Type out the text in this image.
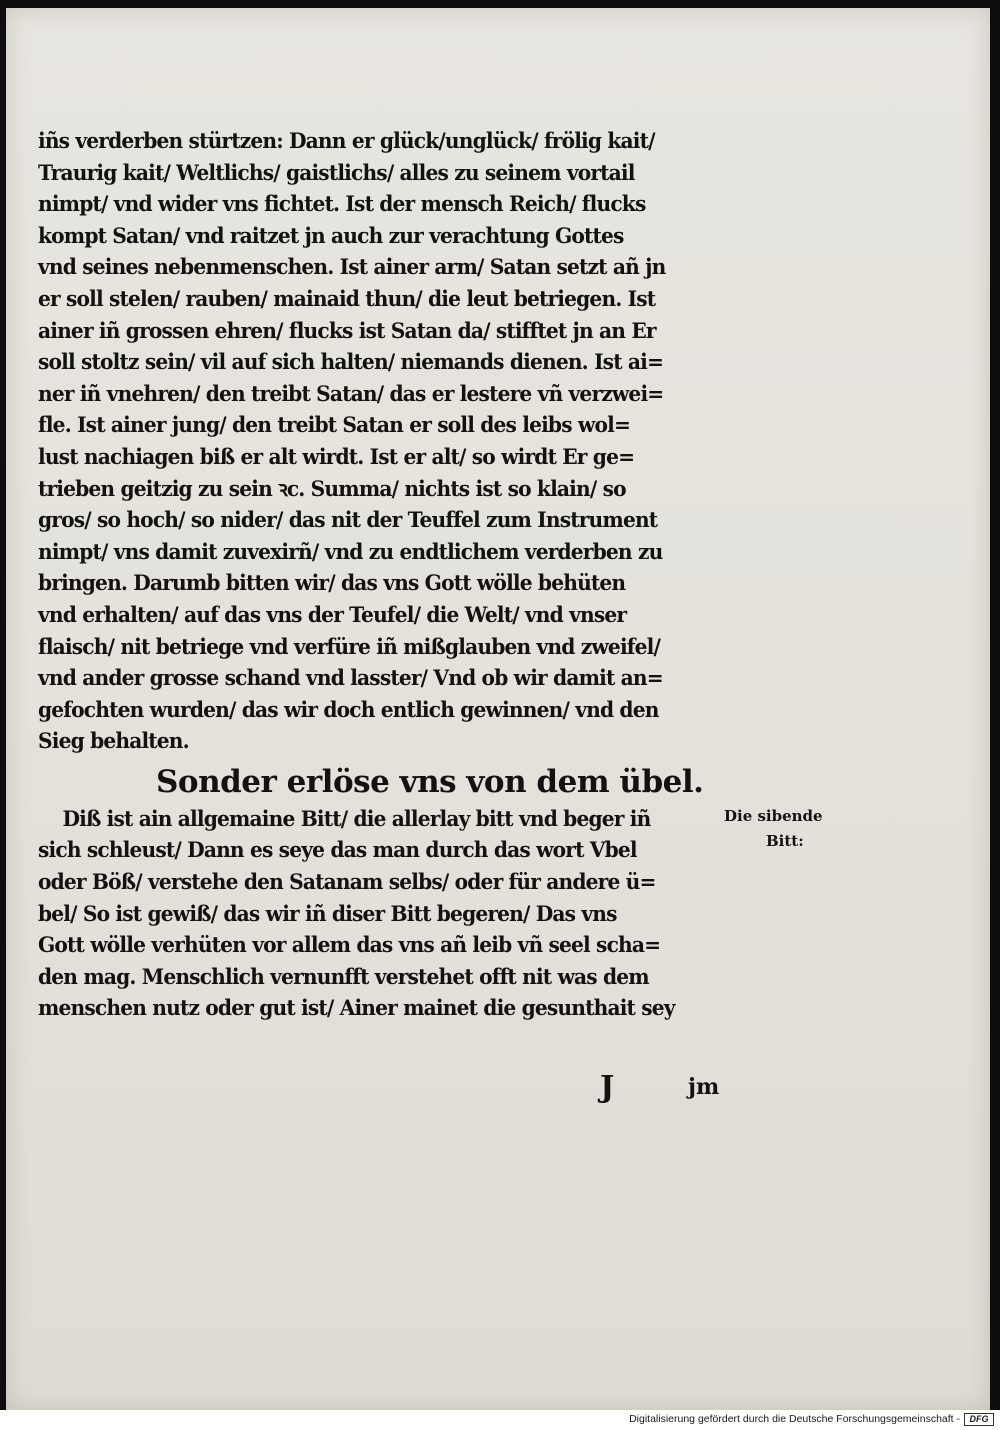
iñs verderben stürtzen: Dann er glück/unglück/ frölig kait/
Traurig kait/ Weltlichs/ gaistlichs/ alles zu seinem vortail
nimpt/ vnd wider vns fichtet. Ist der mensch Reich/ flucks
kompt Satan/ vnd raitzet jn auch zur verachtung Gottes
vnd seines nebenmenschen. Ist ainer arm/ Satan setzt añ jn
er soll stelen/ rauben/ mainaid thun/ die leut betriegen. Ist
ainer iñ grossen ehren/ flucks ist Satan da/ stifftet jn an Er
soll stoltz sein/ vil auf sich halten/ niemands dienen. Ist ai=
ner iñ vnehren/ den treibt Satan/ das er lestere vñ verzwei=
fle. Ist ainer jung/ den treibt Satan er soll des leibs wol=
lust nachiagen biß er alt wirdt. Ist er alt/ so wirdt Er ge=
trieben geitzig zu sein ꝛc. Summa/ nichts ist so klain/ so
gros/ so hoch/ so nider/ das nit der Teuffel zum Instrument
nimpt/ vns damit zuvexirñ/ vnd zu endtlichem verderben zu
bringen. Darumb bitten wir/ das vns Gott wölle behüten
vnd erhalten/ auf das vns der Teufel/ die Welt/ vnd vnser
flaisch/ nit betriege vnd verfüre iñ mißglauben vnd zweifel/
vnd ander grosse schand vnd lasster/ Vnd ob wir damit an=
gefochten wurden/ das wir doch entlich gewinnen/ vnd den
Sieg behalten.
Sonder erlöse vns von dem übel.
Diß ist ain allgemaine Bitt/ die allerlay bitt vnd beger iñ
sich schleust/ Dann es seye das man durch das wort Vbel
oder Böß/ verstehe den Satanam selbs/ oder für andere ü=
bel/ So ist gewiß/ das wir iñ diser Bitt begeren/ Das vns
Gott wölle verhüten vor allem das vns añ leib vñ seel scha=
den mag. Menschlich vernunfft verstehet offt nit was dem
menschen nutz oder gut ist/ Ainer mainet die gesunthait sey
J	jm
Die sibende
Bitt:
Digitalisierung gefördert durch die Deutsche Forschungsgemeinschaft -	DFG
